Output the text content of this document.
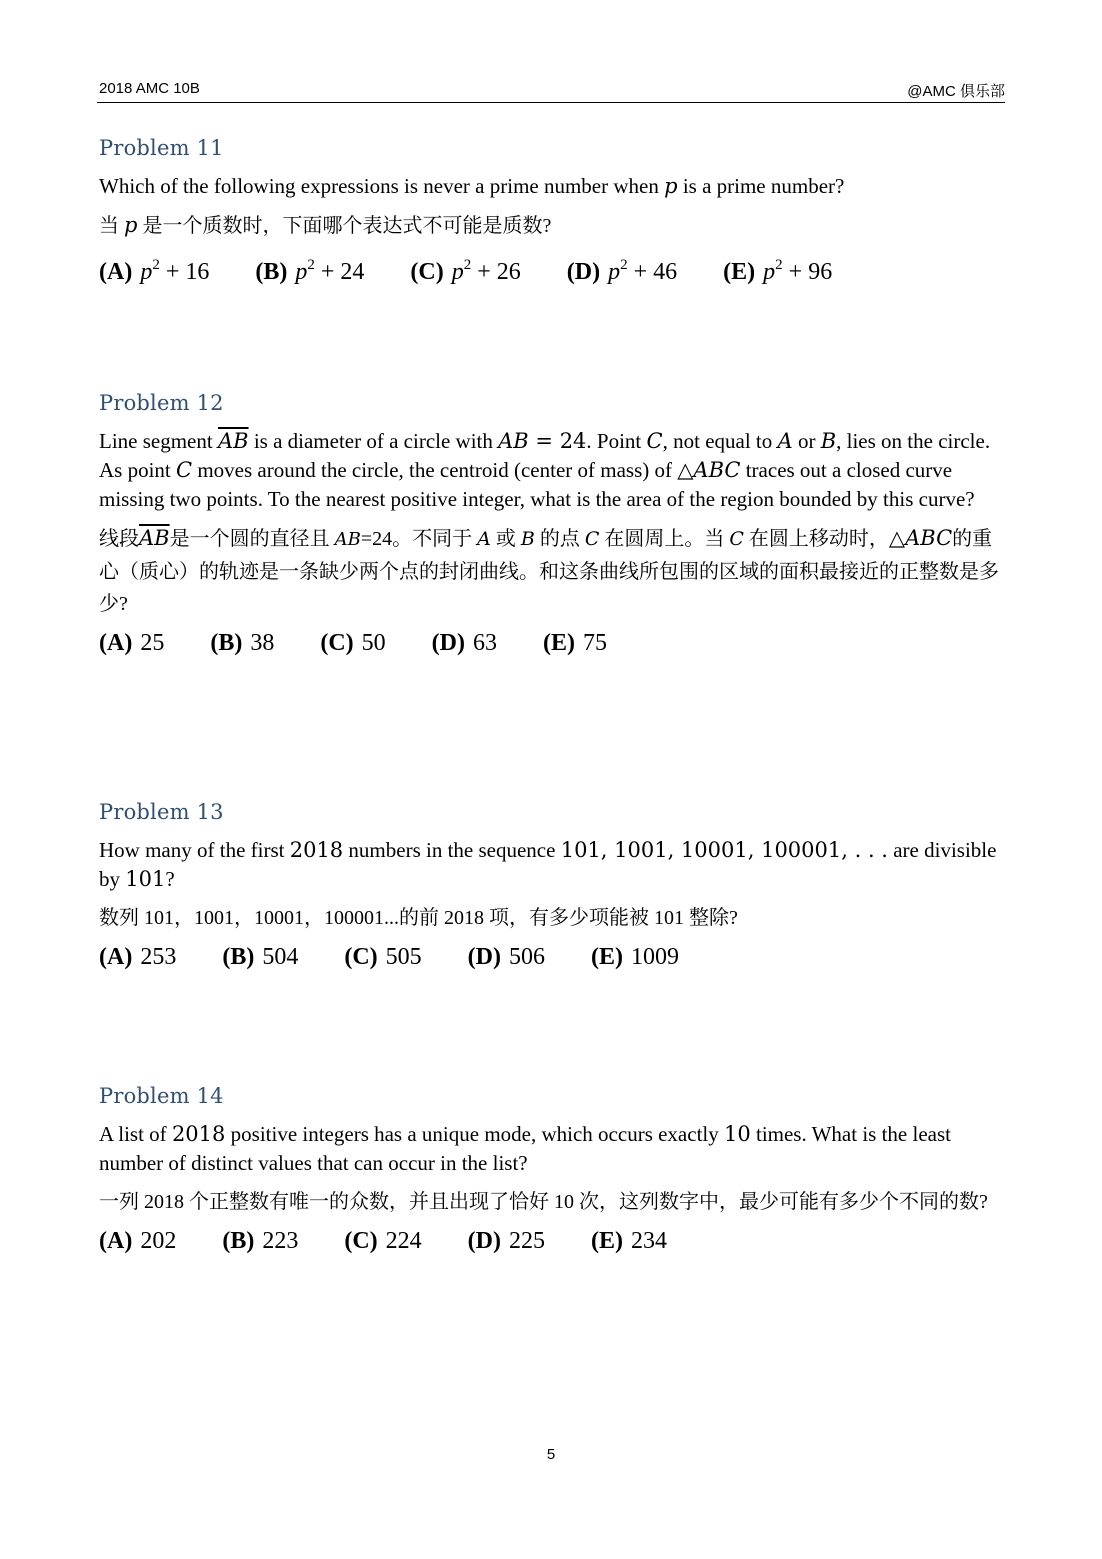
2018 AMC 10B	@AMC 俱乐部
Problem 11

Which of the following expressions is never a prime number when p is a prime number?

当 p 是一个质数时，下面哪个表达式不可能是质数?

(A) $p^2 + 16$ (B) $p^2 + 24$ (C) $p^2 + 26$ (D) $p^2 + 46$ (E) $p^2 + 96$
Problem 12

Line segment $\overline{AB}$ is a diameter of a circle with AB = 24. Point C, not equal to A or B, lies on the circle. As point C moves around the circle, the centroid (center of mass) of △ABC traces out a closed curve missing two points. To the nearest positive integer, what is the area of the region bounded by this curve?

线段$\overline{AB}$是一个圆的直径且 AB=24。不同于 A 或 B 的点 C 在圆周上。当 C 在圆上移动时，△ABC的重心（质心）的轨迹是一条缺少两个点的封闭曲线。和这条曲线所包围的区域的面积最接近的正整数是多少?

(A) 25 (B) 38 (C) 50 (D) 63 (E) 75
Problem 13

How many of the first 2018 numbers in the sequence 101, 1001, 10001, 100001, . . . are divisible by 101?

数列 101，1001，10001，100001...的前 2018 项，有多少项能被 101 整除?

(A) 253 (B) 504 (C) 505 (D) 506 (E) 1009
Problem 14

A list of 2018 positive integers has a unique mode, which occurs exactly 10 times. What is the least number of distinct values that can occur in the list?

一列 2018 个正整数有唯一的众数，并且出现了恰好 10 次，这列数字中，最少可能有多少个不同的数?

(A) 202 (B) 223 (C) 224 (D) 225 (E) 234
5
